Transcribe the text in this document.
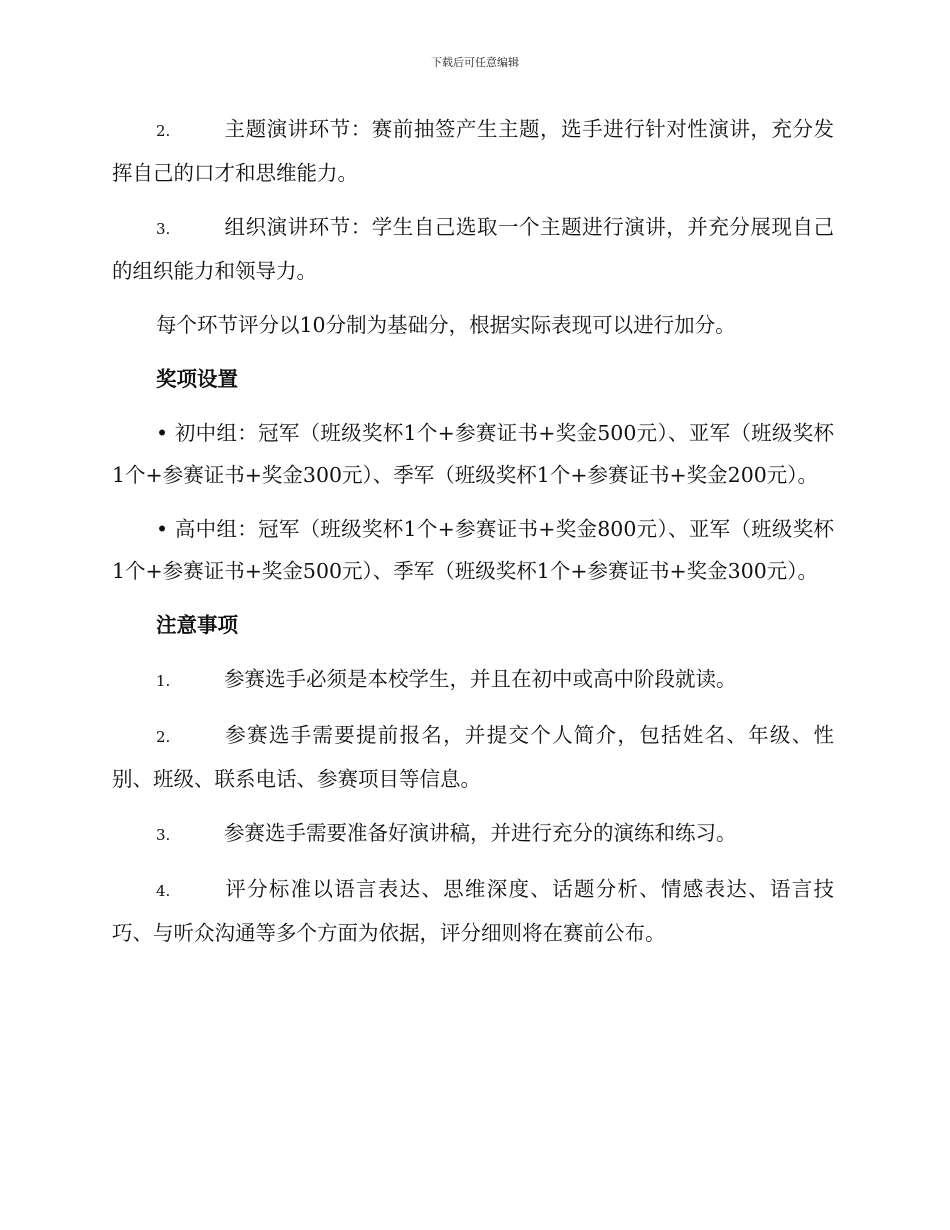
下载后可任意编辑

2.	主题演讲环节：赛前抽签产生主题，选手进行针对性演讲，充分发挥自己的口才和思维能力。

3.	组织演讲环节：学生自己选取一个主题进行演讲，并充分展现自己的组织能力和领导力。

每个环节评分以10分制为基础分，根据实际表现可以进行加分。

奖项设置

• 初中组：冠军（班级奖杯1个+参赛证书+奖金500元）、亚军（班级奖杯1个+参赛证书+奖金300元）、季军（班级奖杯1个+参赛证书+奖金200元）。

• 高中组：冠军（班级奖杯1个+参赛证书+奖金800元）、亚军（班级奖杯1个+参赛证书+奖金500元）、季军（班级奖杯1个+参赛证书+奖金300元）。

注意事项

1.	参赛选手必须是本校学生，并且在初中或高中阶段就读。

2.	参赛选手需要提前报名，并提交个人简介，包括姓名、年级、性别、班级、联系电话、参赛项目等信息。

3.	参赛选手需要准备好演讲稿，并进行充分的演练和练习。

4.	评分标准以语言表达、思维深度、话题分析、情感表达、语言技巧、与听众沟通等多个方面为依据，评分细则将在赛前公布。
